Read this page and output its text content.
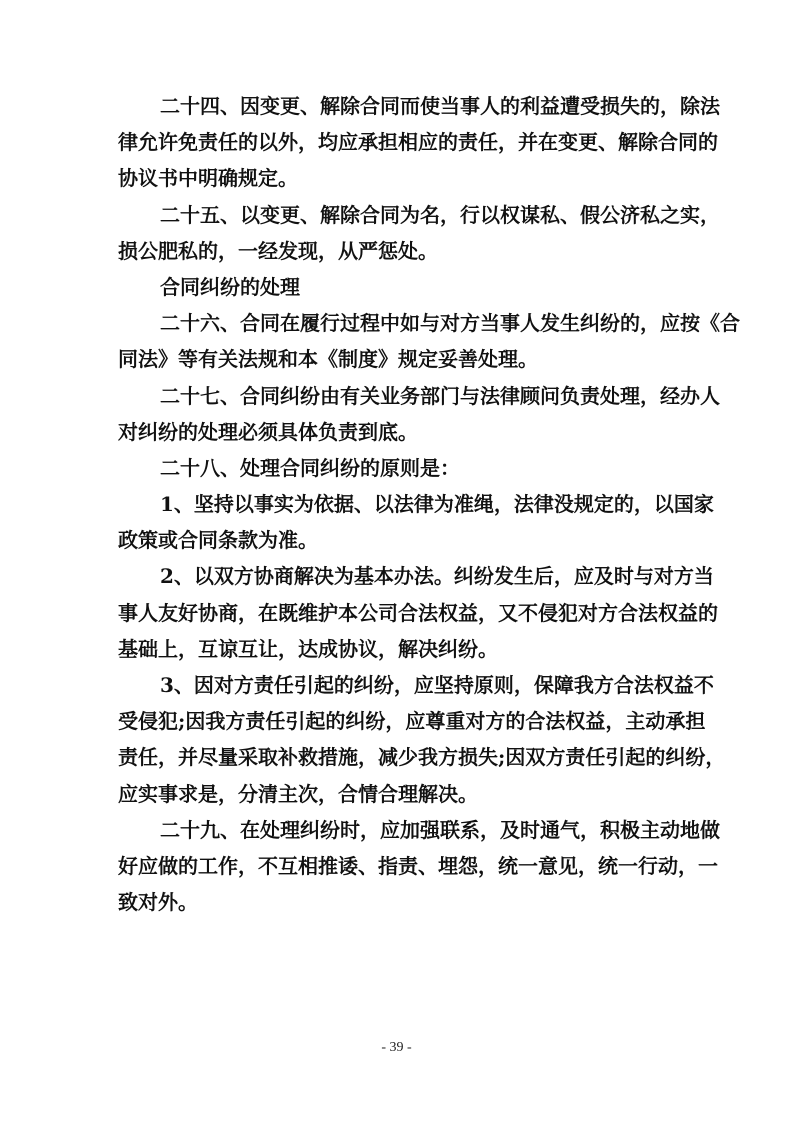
二十四、因变更、解除合同而使当事人的利益遭受损失的，除法
律允许免责任的以外，均应承担相应的责任，并在变更、解除合同的
协议书中明确规定。
二十五、以变更、解除合同为名，行以权谋私、假公济私之实，
损公肥私的，一经发现，从严惩处。
合同纠纷的处理
二十六、合同在履行过程中如与对方当事人发生纠纷的，应按《合
同法》等有关法规和本《制度》规定妥善处理。
二十七、合同纠纷由有关业务部门与法律顾问负责处理，经办人
对纠纷的处理必须具体负责到底。
二十八、处理合同纠纷的原则是：
1、坚持以事实为依据、以法律为准绳，法律没规定的，以国家
政策或合同条款为准。
2、以双方协商解决为基本办法。纠纷发生后，应及时与对方当
事人友好协商，在既维护本公司合法权益，又不侵犯对方合法权益的
基础上，互谅互让，达成协议，解决纠纷。
3、因对方责任引起的纠纷，应坚持原则，保障我方合法权益不
受侵犯;因我方责任引起的纠纷，应尊重对方的合法权益，主动承担
责任，并尽量采取补救措施，减少我方损失;因双方责任引起的纠纷，
应实事求是，分清主次，合情合理解决。
二十九、在处理纠纷时，应加强联系，及时通气，积极主动地做
好应做的工作，不互相推诿、指责、埋怨，统一意见，统一行动，一
致对外。
- 39 -
